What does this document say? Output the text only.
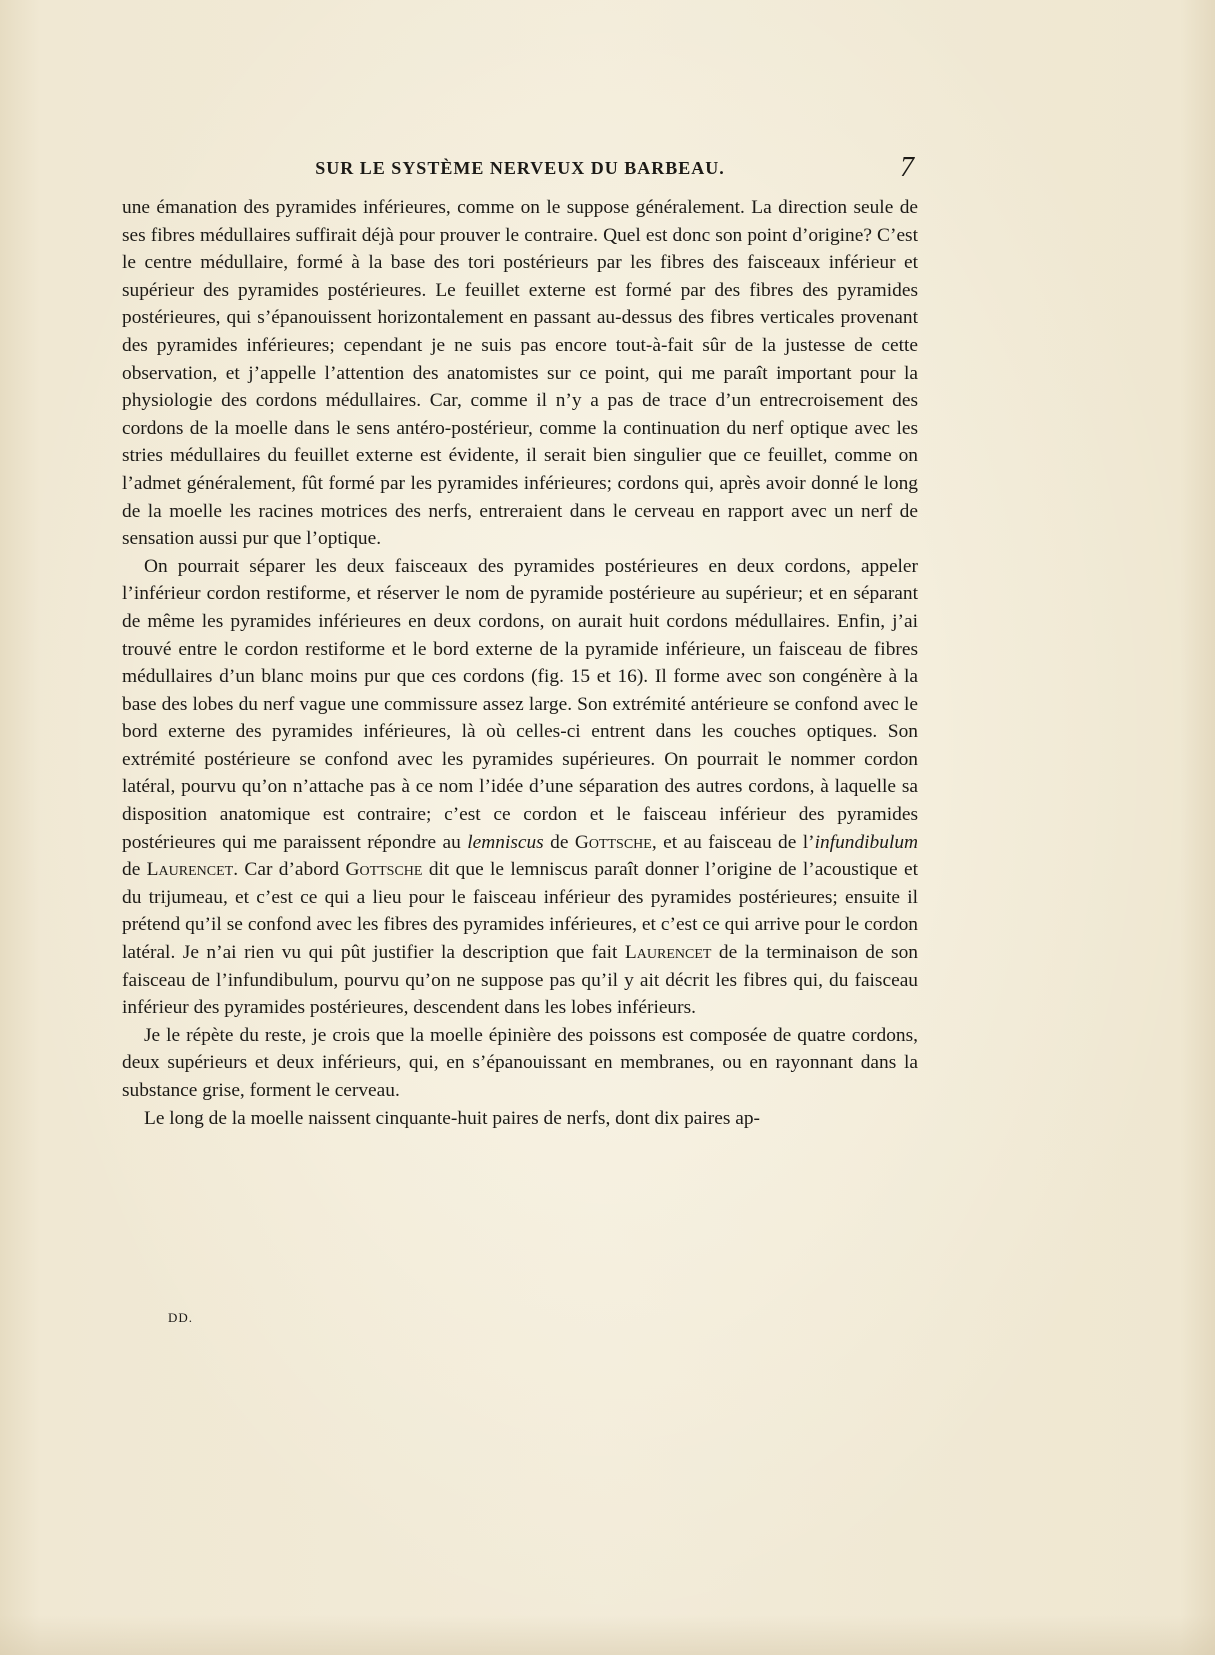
SUR LE SYSTÈME NERVEUX DU BARBEAU.	7

une émanation des pyramides inférieures, comme on le suppose généralement. La direction seule de ses fibres médullaires suffirait déjà pour prouver le contraire. Quel est donc son point d’origine? C’est le centre médullaire, formé à la base des tori postérieurs par les fibres des faisceaux inférieur et supérieur des pyramides postérieures. Le feuillet externe est formé par des fibres des pyramides postérieures, qui s’épanouissent horizontalement en passant au-dessus des fibres verticales provenant des pyramides inférieures; cependant je ne suis pas encore tout-à-fait sûr de la justesse de cette observation, et j’appelle l’attention des anatomistes sur ce point, qui me paraît important pour la physiologie des cordons médullaires. Car, comme il n’y a pas de trace d’un entrecroisement des cordons de la moelle dans le sens antéro-postérieur, comme la continuation du nerf optique avec les stries médullaires du feuillet externe est évidente, il serait bien singulier que ce feuillet, comme on l’admet généralement, fût formé par les pyramides inférieures; cordons qui, après avoir donné le long de la moelle les racines motrices des nerfs, entreraient dans le cerveau en rapport avec un nerf de sensation aussi pur que l’optique.

On pourrait séparer les deux faisceaux des pyramides postérieures en deux cordons, appeler l’inférieur cordon restiforme, et réserver le nom de pyramide postérieure au supérieur; et en séparant de même les pyramides inférieures en deux cordons, on aurait huit cordons médullaires. Enfin, j’ai trouvé entre le cordon restiforme et le bord externe de la pyramide inférieure, un faisceau de fibres médullaires d’un blanc moins pur que ces cordons (fig. 15 et 16). Il forme avec son congénère à la base des lobes du nerf vague une commissure assez large. Son extrémité antérieure se confond avec le bord externe des pyramides inférieures, là où celles-ci entrent dans les couches optiques. Son extrémité postérieure se confond avec les pyramides supérieures. On pourrait le nommer cordon latéral, pourvu qu’on n’attache pas à ce nom l’idée d’une séparation des autres cordons, à laquelle sa disposition anatomique est contraire; c’est ce cordon et le faisceau inférieur des pyramides postérieures qui me paraissent répondre au lemniscus de Gottsche, et au faisceau de l’infundibulum de Laurencet. Car d’abord Gottsche dit que le lemniscus paraît donner l’origine de l’acoustique et du trijumeau, et c’est ce qui a lieu pour le faisceau inférieur des pyramides postérieures; ensuite il prétend qu’il se confond avec les fibres des pyramides inférieures, et c’est ce qui arrive pour le cordon latéral. Je n’ai rien vu qui pût justifier la description que fait Laurencet de la terminaison de son faisceau de l’infundibulum, pourvu qu’on ne suppose pas qu’il y ait décrit les fibres qui, du faisceau inférieur des pyramides postérieures, descendent dans les lobes inférieurs.

Je le répète du reste, je crois que la moelle épinière des poissons est composée de quatre cordons, deux supérieurs et deux inférieurs, qui, en s’épanouissant en membranes, ou en rayonnant dans la substance grise, forment le cerveau.

Le long de la moelle naissent cinquante-huit paires de nerfs, dont dix paires ap-

DD.
